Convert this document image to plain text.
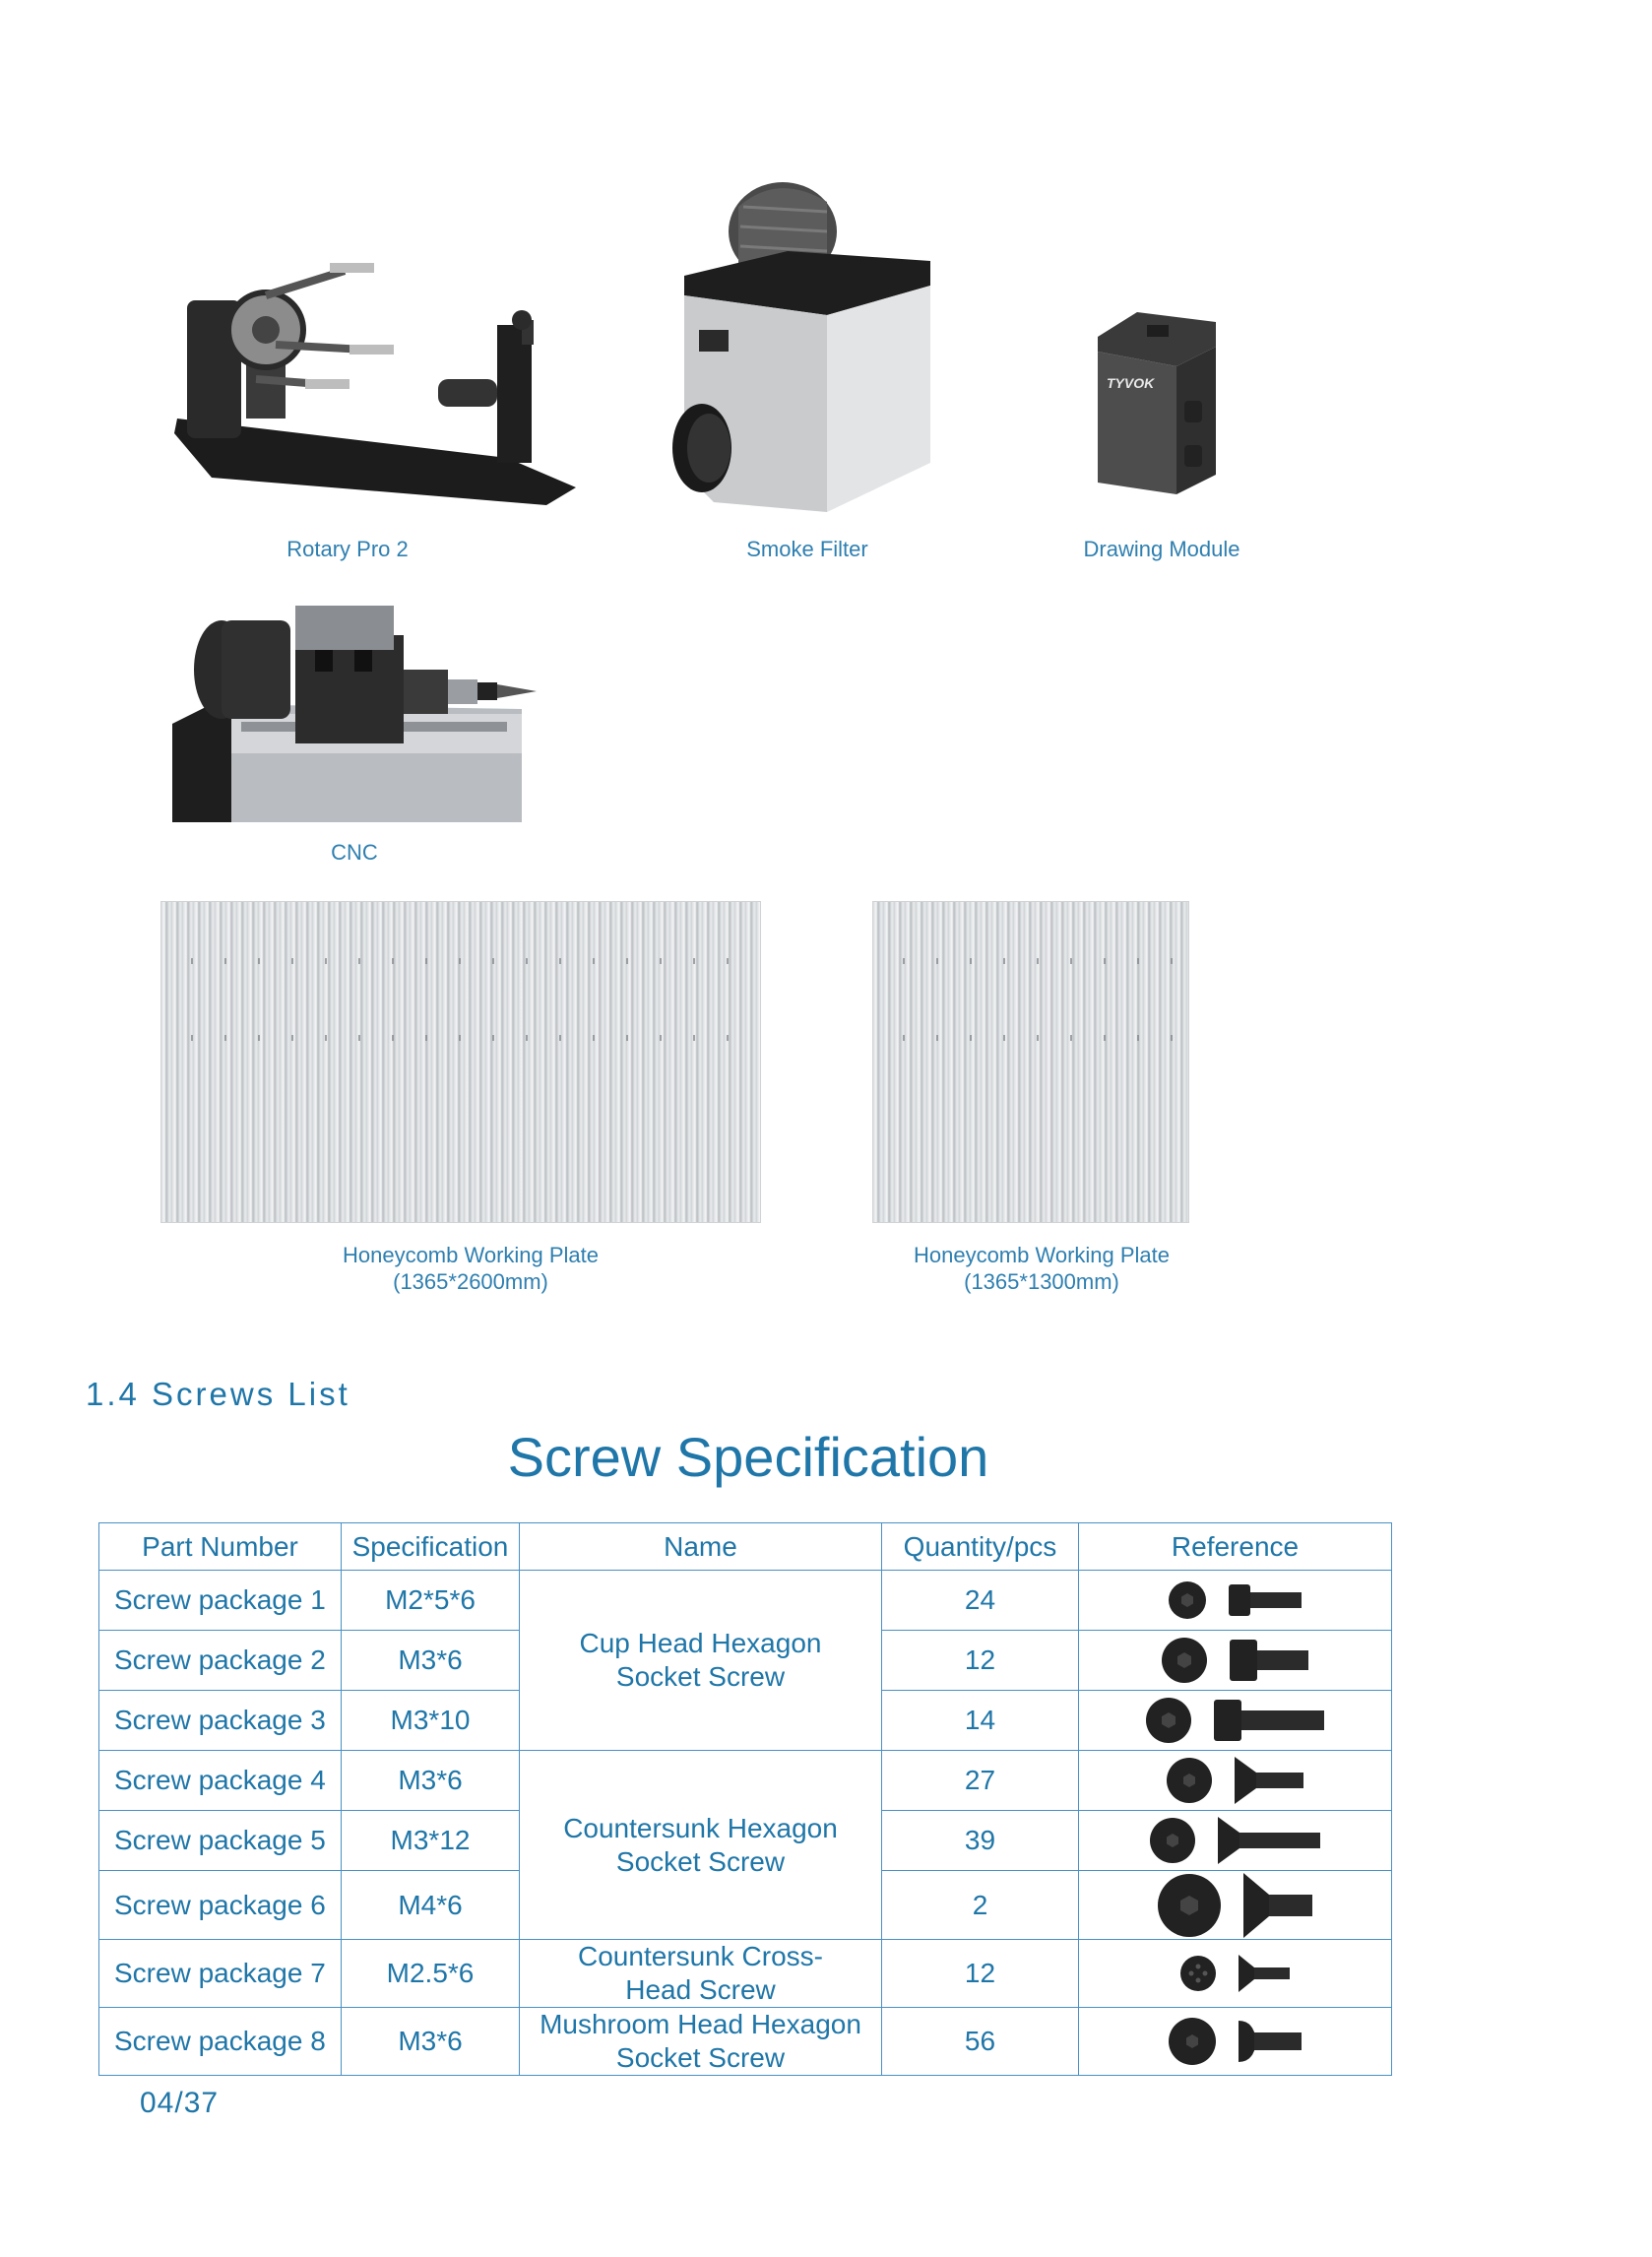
Rotary Pro 2	Smoke Filter
TYVOK
Drawing Module
CNC
Honeycomb Working Plate
(1365*2600mm)
Honeycomb Working Plate
(1365*1300mm)
1.4 Screws List
Screw Specification
Part Number	Specification	Name	Quantity/pcs	Reference
Screw package 1	M2*5*6	Cup Head Hexagon
Socket Screw	24	

Screw package 2	M3*6		12	

Screw package 3	M3*10		14	

Screw package 4	M3*6	Countersunk Hexagon
Socket Screw	27	

Screw package 5	M3*12		39	

Screw package 6	M4*6		2	

Screw package 7	M2.5*6	Countersunk Cross-
Head Screw	12	

Screw package 8	M3*6	Mushroom Head Hexagon
Socket Screw	56	
04/37
